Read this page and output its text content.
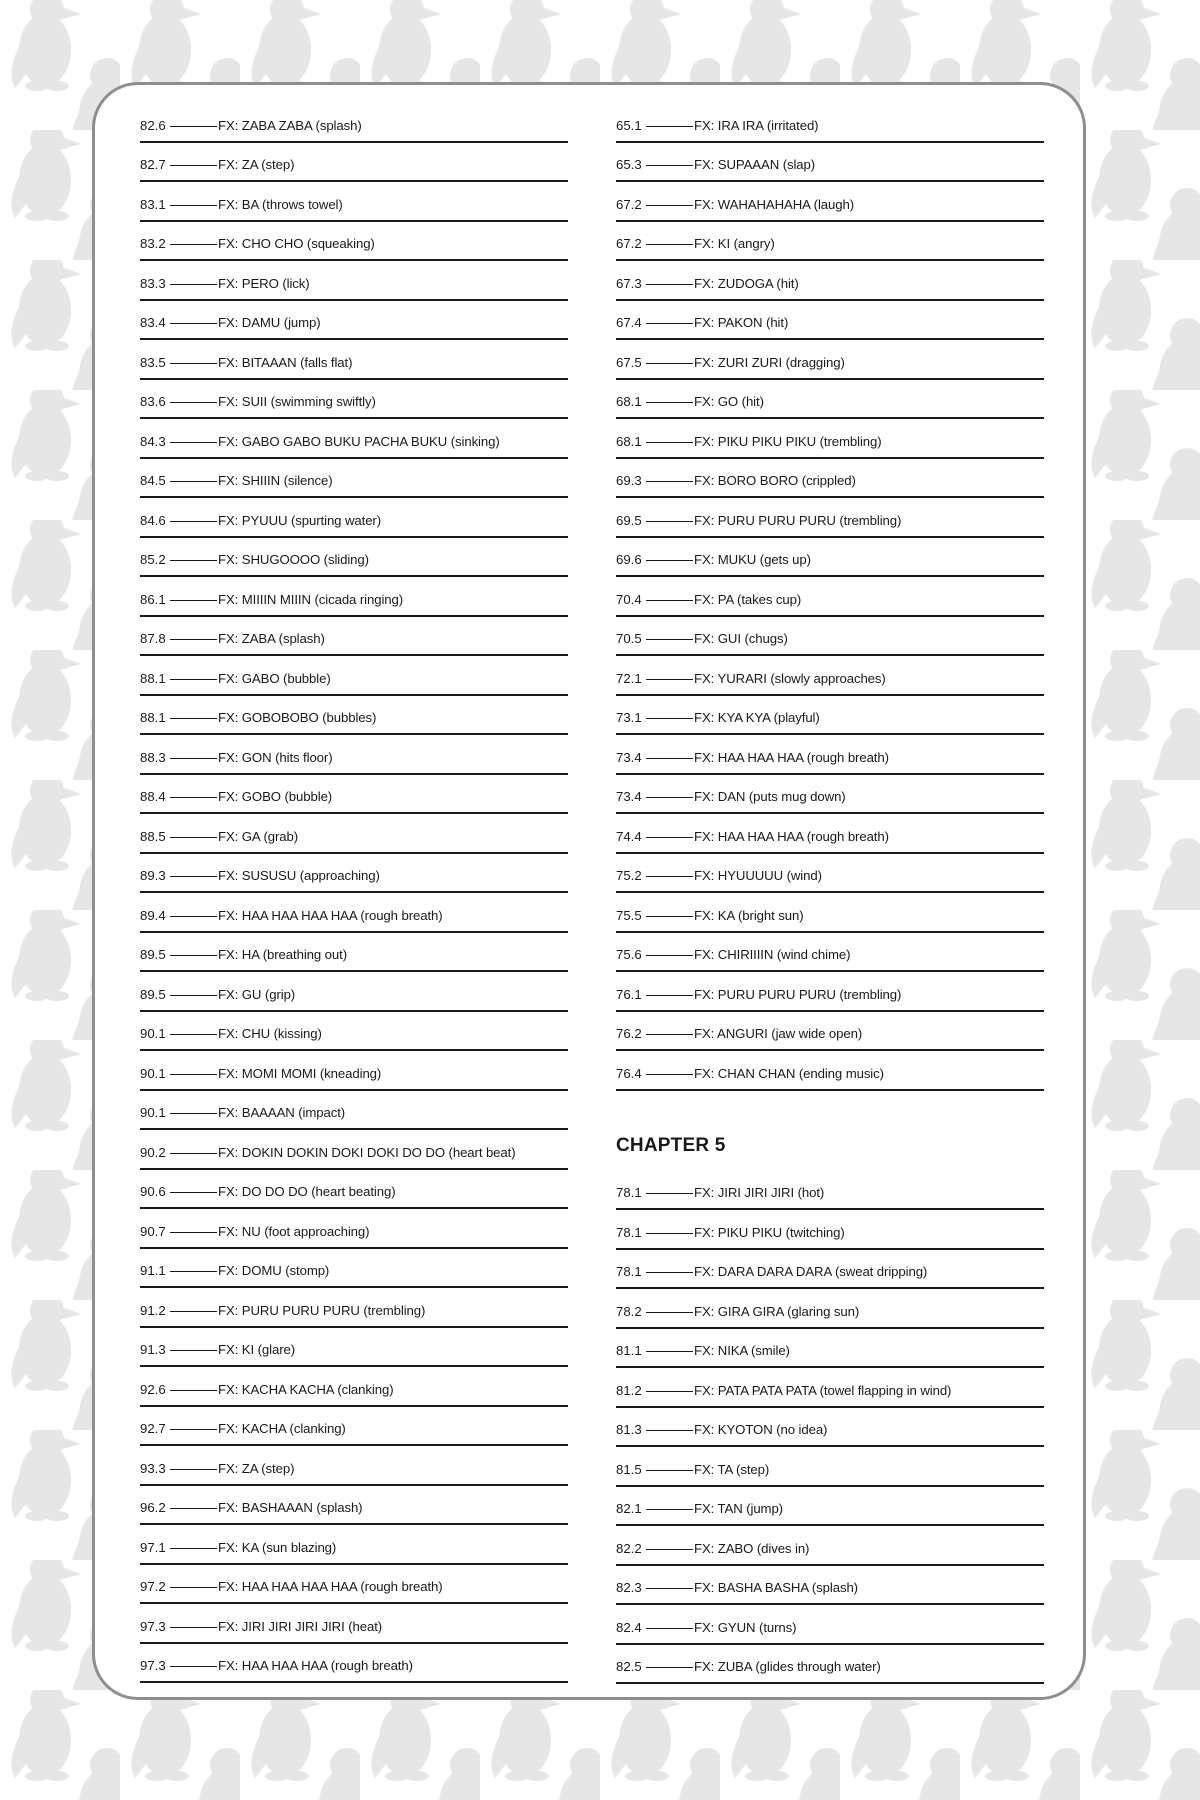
82.6	FX: ZABA ZABA (splash)
82.7	FX: ZA (step)
83.1	FX: BA (throws towel)
83.2	FX: CHO CHO (squeaking)
83.3	FX: PERO (lick)
83.4	FX: DAMU (jump)
83.5	FX: BITAAAN (falls flat)
83.6	FX: SUII (swimming swiftly)
84.3	FX: GABO GABO BUKU PACHA BUKU (sinking)
84.5	FX: SHIIIN (silence)
84.6	FX: PYUUU (spurting water)
85.2	FX: SHUGOOOO (sliding)
86.1	FX: MIIIIN MIIIN (cicada ringing)
87.8	FX: ZABA (splash)
88.1	FX: GABO (bubble)
88.1	FX: GOBOBOBO (bubbles)
88.3	FX: GON (hits floor)
88.4	FX: GOBO (bubble)
88.5	FX: GA (grab)
89.3	FX: SUSUSU (approaching)
89.4	FX: HAA HAA HAA HAA (rough breath)
89.5	FX: HA (breathing out)
89.5	FX: GU (grip)
90.1	FX: CHU (kissing)
90.1	FX: MOMI MOMI (kneading)
90.1	FX: BAAAAN (impact)
90.2	FX: DOKIN DOKIN DOKI DOKI DO DO (heart beat)
90.6	FX: DO DO DO (heart beating)
90.7	FX: NU (foot approaching)
91.1	FX: DOMU (stomp)
91.2	FX: PURU PURU PURU (trembling)
91.3	FX: KI (glare)
92.6	FX: KACHA KACHA (clanking)
92.7	FX: KACHA (clanking)
93.3	FX: ZA (step)
96.2	FX: BASHAAAN (splash)
97.1	FX: KA (sun blazing)
97.2	FX: HAA HAA HAA HAA (rough breath)
97.3	FX: JIRI JIRI JIRI JIRI (heat)
97.3	FX: HAA HAA HAA (rough breath)
65.1	FX: IRA IRA (irritated)
65.3	FX: SUPAAAN (slap)
67.2	FX: WAHAHAHAHA (laugh)
67.2	FX: KI (angry)
67.3	FX: ZUDOGA (hit)
67.4	FX: PAKON (hit)
67.5	FX: ZURI ZURI (dragging)
68.1	FX: GO (hit)
68.1	FX: PIKU PIKU PIKU (trembling)
69.3	FX: BORO BORO (crippled)
69.5	FX: PURU PURU PURU (trembling)
69.6	FX: MUKU (gets up)
70.4	FX: PA (takes cup)
70.5	FX: GUI (chugs)
72.1	FX: YURARI (slowly approaches)
73.1	FX: KYA KYA (playful)
73.4	FX: HAA HAA HAA (rough breath)
73.4	FX: DAN (puts mug down)
74.4	FX: HAA HAA HAA (rough breath)
75.2	FX: HYUUUUU (wind)
75.5	FX: KA (bright sun)
75.6	FX: CHIRIIIIN (wind chime)
76.1	FX: PURU PURU PURU (trembling)
76.2	FX: ANGURI (jaw wide open)
76.4	FX: CHAN CHAN (ending music)
CHAPTER 5
78.1	FX: JIRI JIRI JIRI (hot)
78.1	FX: PIKU PIKU (twitching)
78.1	FX: DARA DARA DARA (sweat dripping)
78.2	FX: GIRA GIRA (glaring sun)
81.1	FX: NIKA (smile)
81.2	FX: PATA PATA PATA (towel flapping in wind)
81.3	FX: KYOTON (no idea)
81.5	FX: TA (step)
82.1	FX: TAN (jump)
82.2	FX: ZABO (dives in)
82.3	FX: BASHA BASHA (splash)
82.4	FX: GYUN (turns)
82.5	FX: ZUBA (glides through water)
